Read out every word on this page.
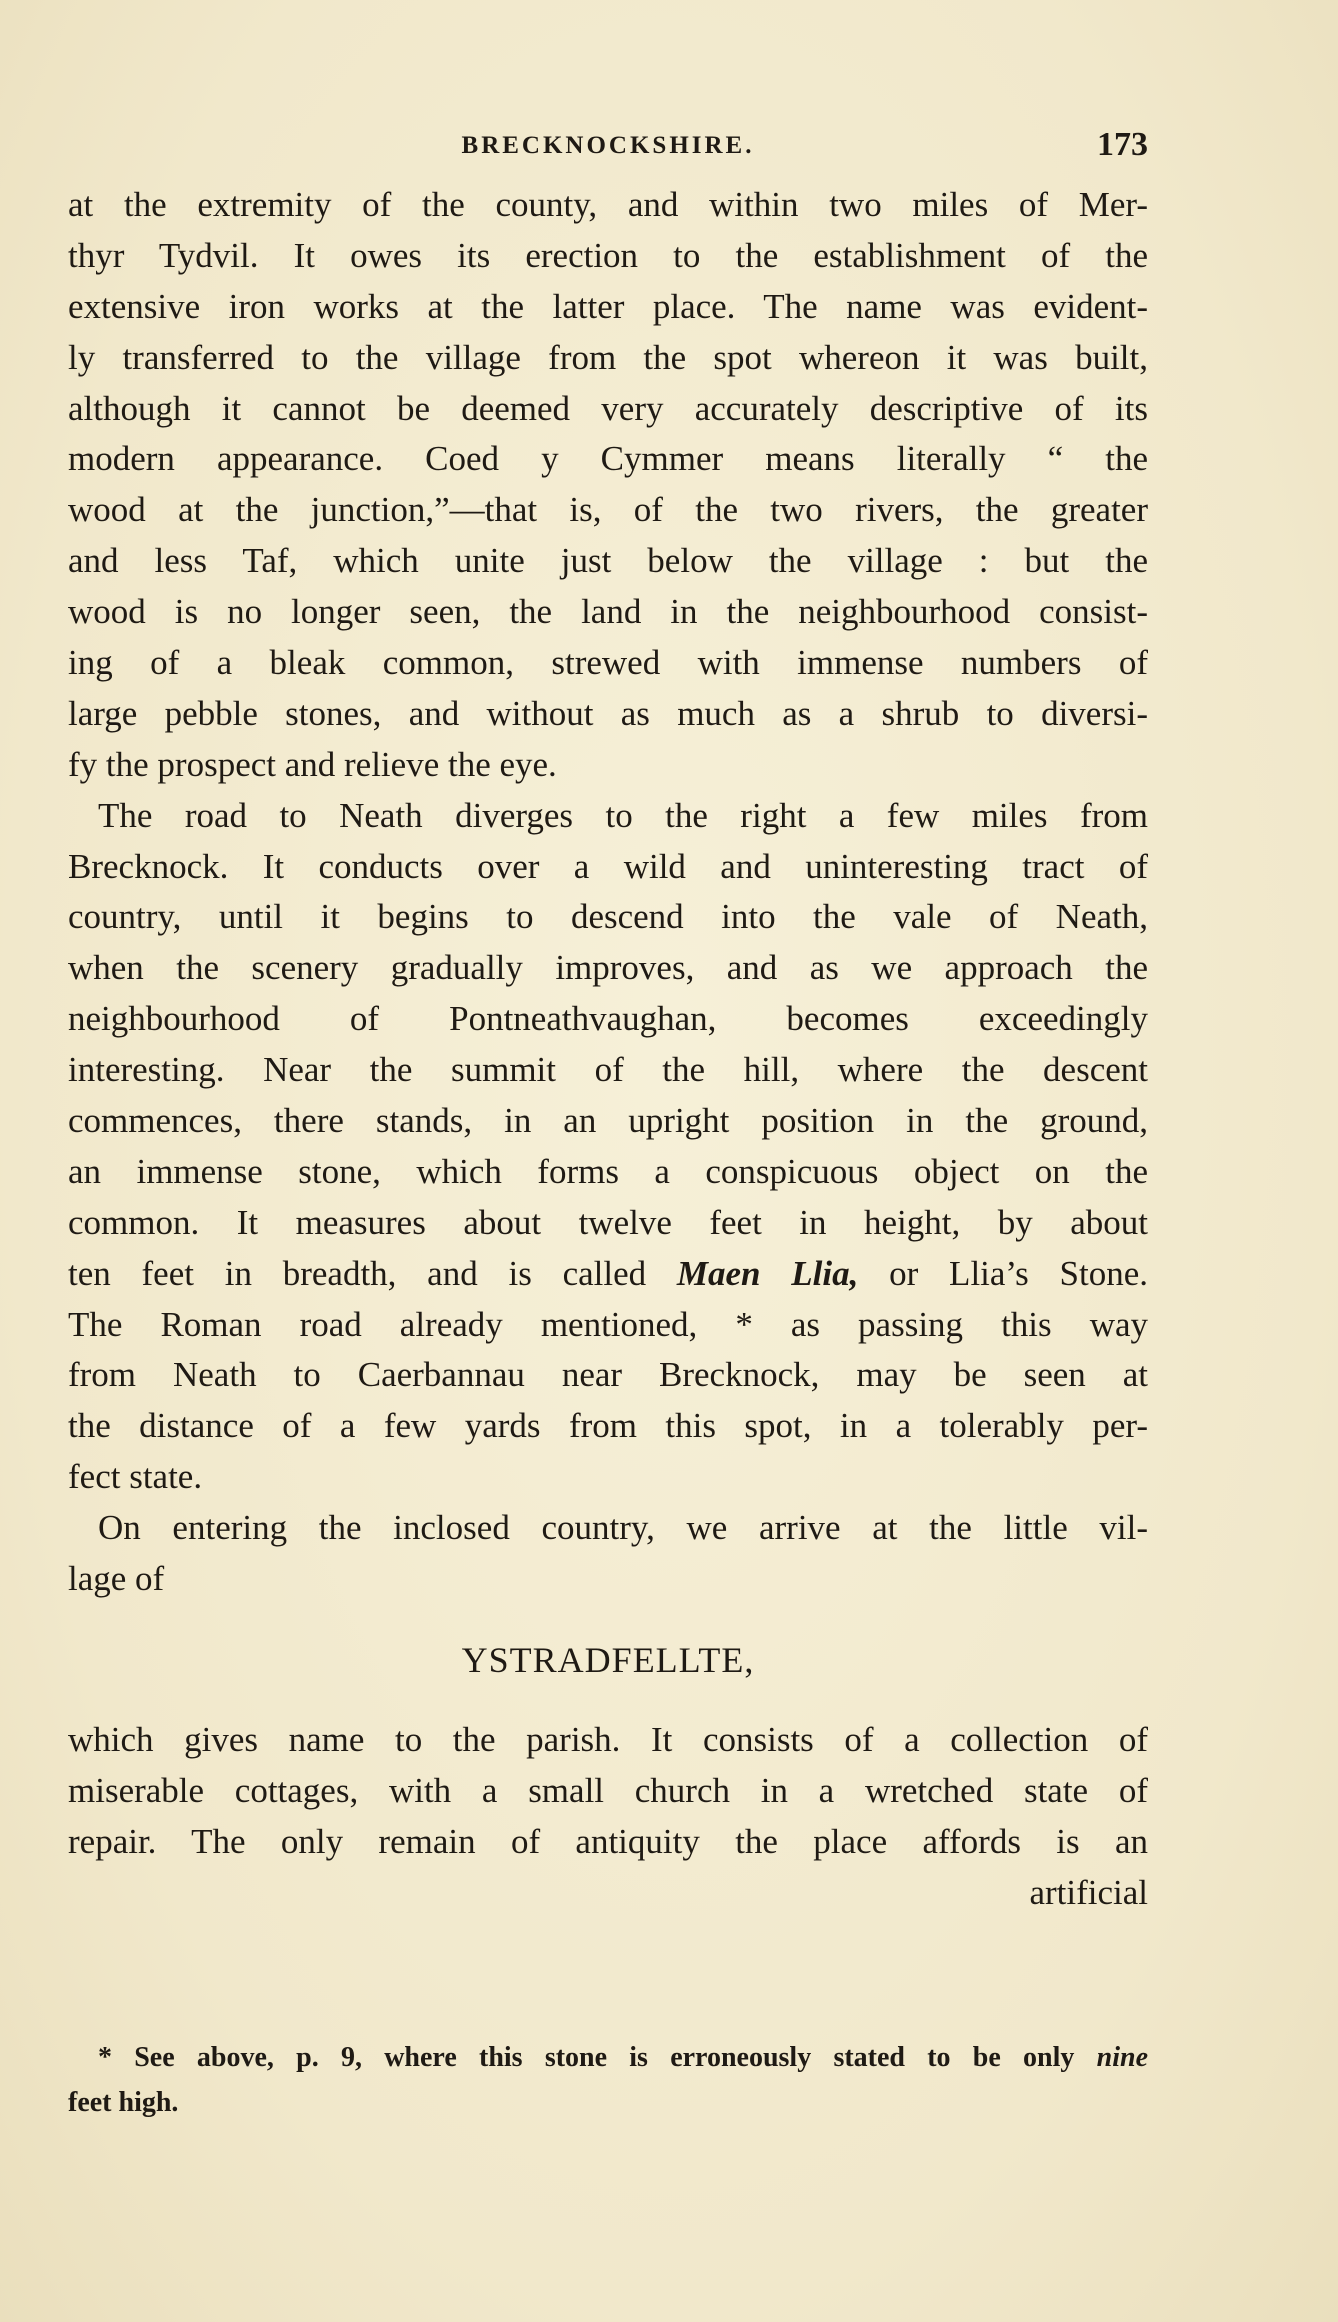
BRECKNOCKSHIRE.	173
at the extremity of the county, and within two miles of Mer-
thyr Tydvil. It owes its erection to the establishment of the
extensive iron works at the latter place. The name was evident-
ly transferred to the village from the spot whereon it was built,
although it cannot be deemed very accurately descriptive of its
modern appearance. Coed y Cymmer means literally “ the
wood at the junction,”—that is, of the two rivers, the greater
and less Taf, which unite just below the village : but the
wood is no longer seen, the land in the neighbourhood consist-
ing of a bleak common, strewed with immense numbers of
large pebble stones, and without as much as a shrub to diversi-
fy the prospect and relieve the eye.
The road to Neath diverges to the right a few miles from
Brecknock. It conducts over a wild and uninteresting tract of
country, until it begins to descend into the vale of Neath,
when the scenery gradually improves, and as we approach the
neighbourhood of Pontneathvaughan, becomes exceedingly
interesting. Near the summit of the hill, where the descent
commences, there stands, in an upright position in the ground,
an immense stone, which forms a conspicuous object on the
common. It measures about twelve feet in height, by about
ten feet in breadth, and is called Maen Llia, or Llia’s Stone.
The Roman road already mentioned, * as passing this way
from Neath to Caerbannau near Brecknock, may be seen at
the distance of a few yards from this spot, in a tolerably per-
fect state.
On entering the inclosed country, we arrive at the little vil-
lage of
YSTRADFELLTE,
which gives name to the parish. It consists of a collection of
miserable cottages, with a small church in a wretched state of
repair. The only remain of antiquity the place affords is an
artificial
* See above, p. 9, where this stone is erroneously stated to be only nine
feet high.
